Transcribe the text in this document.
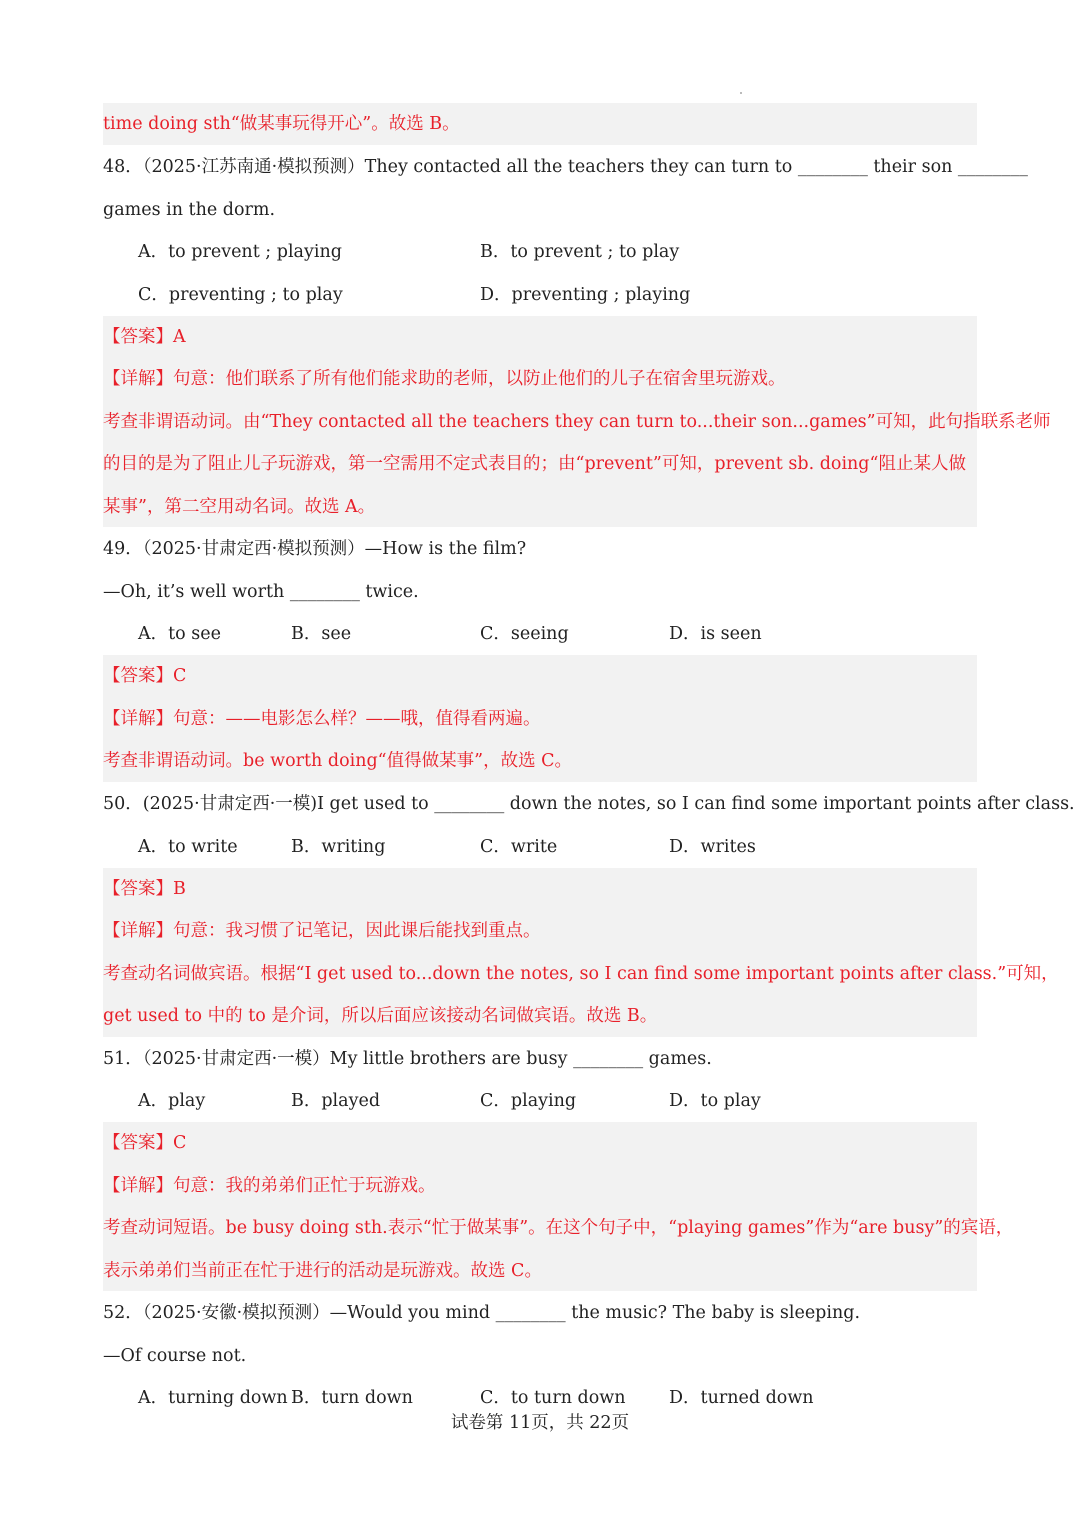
time doing sth“做某事玩得开心”。故选 B。
48．（2025·江苏南通·模拟预测）They contacted all the teachers they can turn to ________ their son ________
games in the dorm.
A．to prevent ; playing	B．to prevent ; to play
C．preventing ; to play	D．preventing ; playing
【答案】A
【详解】句意：他们联系了所有他们能求助的老师，以防止他们的儿子在宿舍里玩游戏。
考查非谓语动词。由“They contacted all the teachers they can turn to...their son...games”可知，此句指联系老师
的目的是为了阻止儿子玩游戏，第一空需用不定式表目的；由“prevent”可知，prevent sb. doing“阻止某人做
某事”，第二空用动名词。故选 A。
49．（2025·甘肃定西·模拟预测）—How is the film?
—Oh, it’s well worth ________ twice.
A．to see	B．see	C．seeing	D．is seen
【答案】C
【详解】句意：——电影怎么样？——哦，值得看两遍。
考查非谓语动词。be worth doing“值得做某事”，故选 C。
50．(2025·甘肃定西·一模)I get used to ________ down the notes, so I can find some important points after class.
A．to write	B．writing	C．write	D．writes
【答案】B
【详解】句意：我习惯了记笔记，因此课后能找到重点。
考查动名词做宾语。根据“I get used to...down the notes, so I can find some important points after class.”可知，
get used to 中的 to 是介词，所以后面应该接动名词做宾语。故选 B。
51．（2025·甘肃定西·一模）My little brothers are busy ________ games.
A．play	B．played	C．playing	D．to play
【答案】C
【详解】句意：我的弟弟们正忙于玩游戏。
考查动词短语。be busy doing sth.表示“忙于做某事”。在这个句子中，“playing games”作为“are busy”的宾语，
表示弟弟们当前正在忙于进行的活动是玩游戏。故选 C。
52．（2025·安徽·模拟预测）—Would you mind ________ the music? The baby is sleeping.
—Of course not.
A．turning down B．turn down	C．to turn down D．turned down
试卷第 11页，共 22页
